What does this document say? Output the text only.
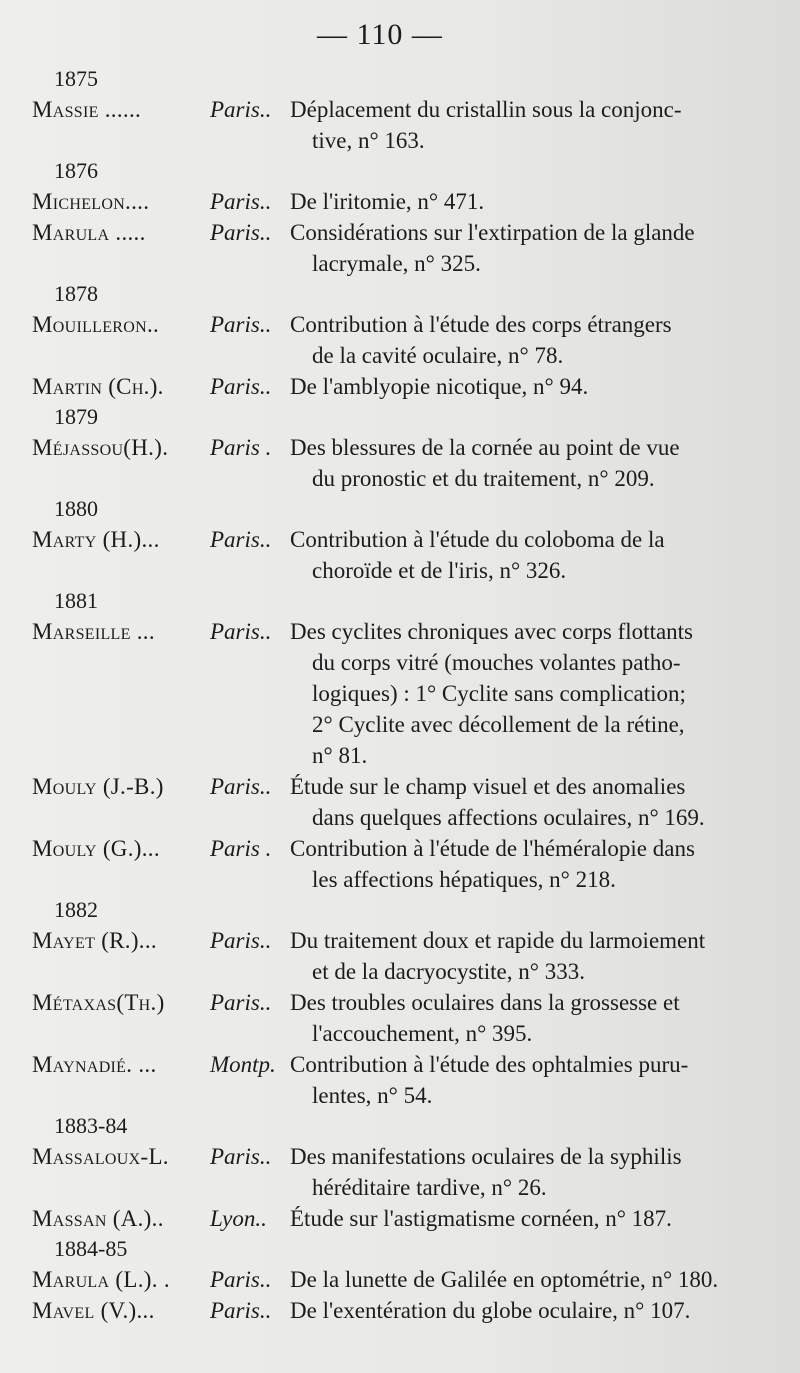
— 110 —
1875
Massie ......	Paris.. Déplacement du cristallin sous la conjonc-
tive, n° 163.
1876
Michelon....	Paris.. De l'iritomie, n° 471.
Marula .....	Paris.. Considérations sur l'extirpation de la glande
lacrymale, n° 325.
1878
Mouilleron..	Paris.. Contribution à l'étude des corps étrangers
de la cavité oculaire, n° 78.
Martin (Ch.).	Paris.. De l'amblyopie nicotique, n° 94.
1879
Méjassou(H.).	Paris . Des blessures de la cornée au point de vue
du pronostic et du traitement, n° 209.
1880
Marty (H.)...	Paris.. Contribution à l'étude du coloboma de la
choroïde et de l'iris, n° 326.
1881
Marseille ...	Paris.. Des cyclites chroniques avec corps flottants
du corps vitré (mouches volantes patho-
logiques) : 1° Cyclite sans complication;
2° Cyclite avec décollement de la rétine,
n° 81.
Mouly (J.-B.)	Paris.. Étude sur le champ visuel et des anomalies
dans quelques affections oculaires, n° 169.
Mouly (G.)...	Paris . Contribution à l'étude de l'héméralopie dans
les affections hépatiques, n° 218.
1882
Mayet (R.)...	Paris.. Du traitement doux et rapide du larmoiement
et de la dacryocystite, n° 333.
Métaxas(Th.)	Paris.. Des troubles oculaires dans la grossesse et
l'accouchement, n° 395.
Maynadié. ...	Montp. Contribution à l'étude des ophtalmies puru-
lentes, n° 54.
1883-84
Massaloux-L.	Paris.. Des manifestations oculaires de la syphilis
héréditaire tardive, n° 26.
Massan (A.)..	Lyon..	Étude sur l'astigmatisme cornéen, n° 187.
1884-85
Marula (L.). .	Paris.. De la lunette de Galilée en optométrie, n° 180.
Mavel (V.)...	Paris.. De l'exentération du globe oculaire, n° 107.
